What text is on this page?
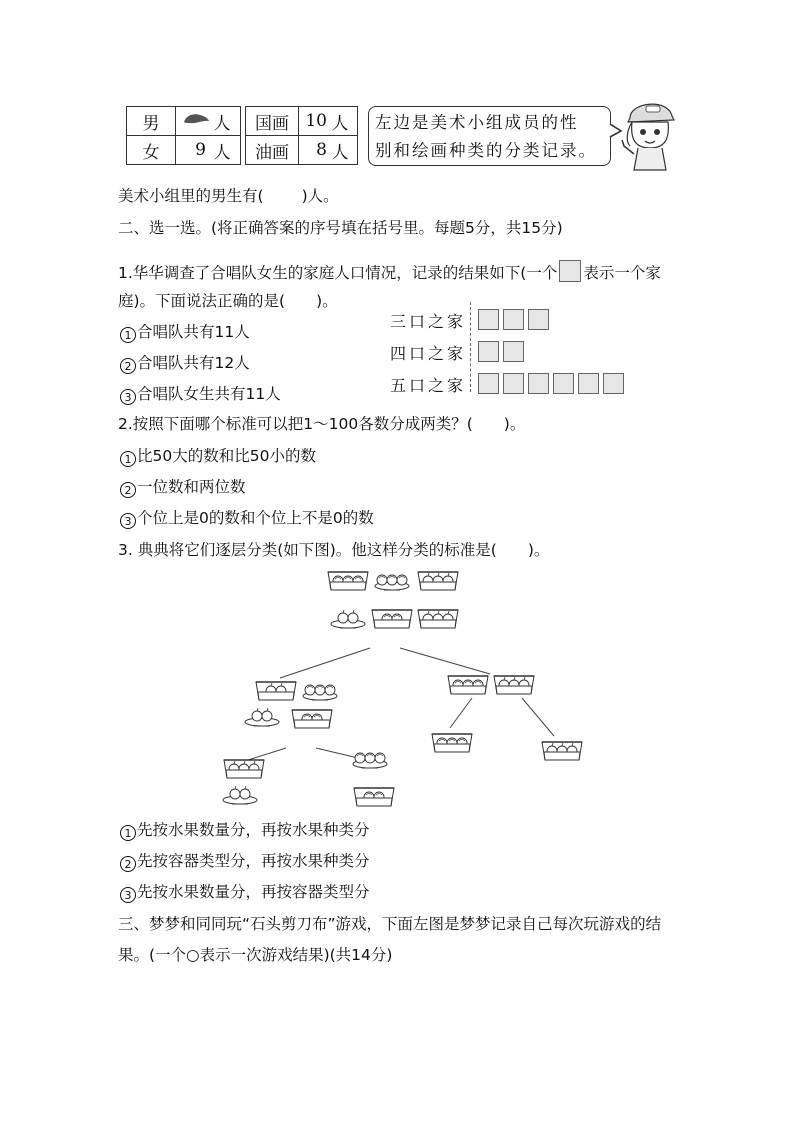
男		人
女	9	人
国画	10	人
油画	8	人
左边是美术小组成员的性
别和绘画种类的分类记录。
美术小组里的男生有( )人。
二、选一选。(将正确答案的序号填在括号里。每题5分，共15分)
1.华华调查了合唱队女生的家庭人口情况，记录的结果如下(一个 表示一个家
庭)。下面说法正确的是(　　)。
1 合唱队共有11人
2 合唱队共有12人
3 合唱队女生共有11人
三口之家
四口之家
五口之家
2.按照下面哪个标准可以把1～100各数分成两类？(　　)。
1 比50大的数和比50小的数
2 一位数和两位数
3 个位上是0的数和个位上不是0的数
3. 典典将它们逐层分类(如下图)。他这样分类的标准是(　　)。
1 先按水果数量分，再按水果种类分
2 先按容器类型分，再按水果种类分
3 先按水果数量分，再按容器类型分
三、梦梦和同同玩“石头剪刀布”游戏，下面左图是梦梦记录自己每次玩游戏的结
果。(一个○表示一次游戏结果)(共14分)
